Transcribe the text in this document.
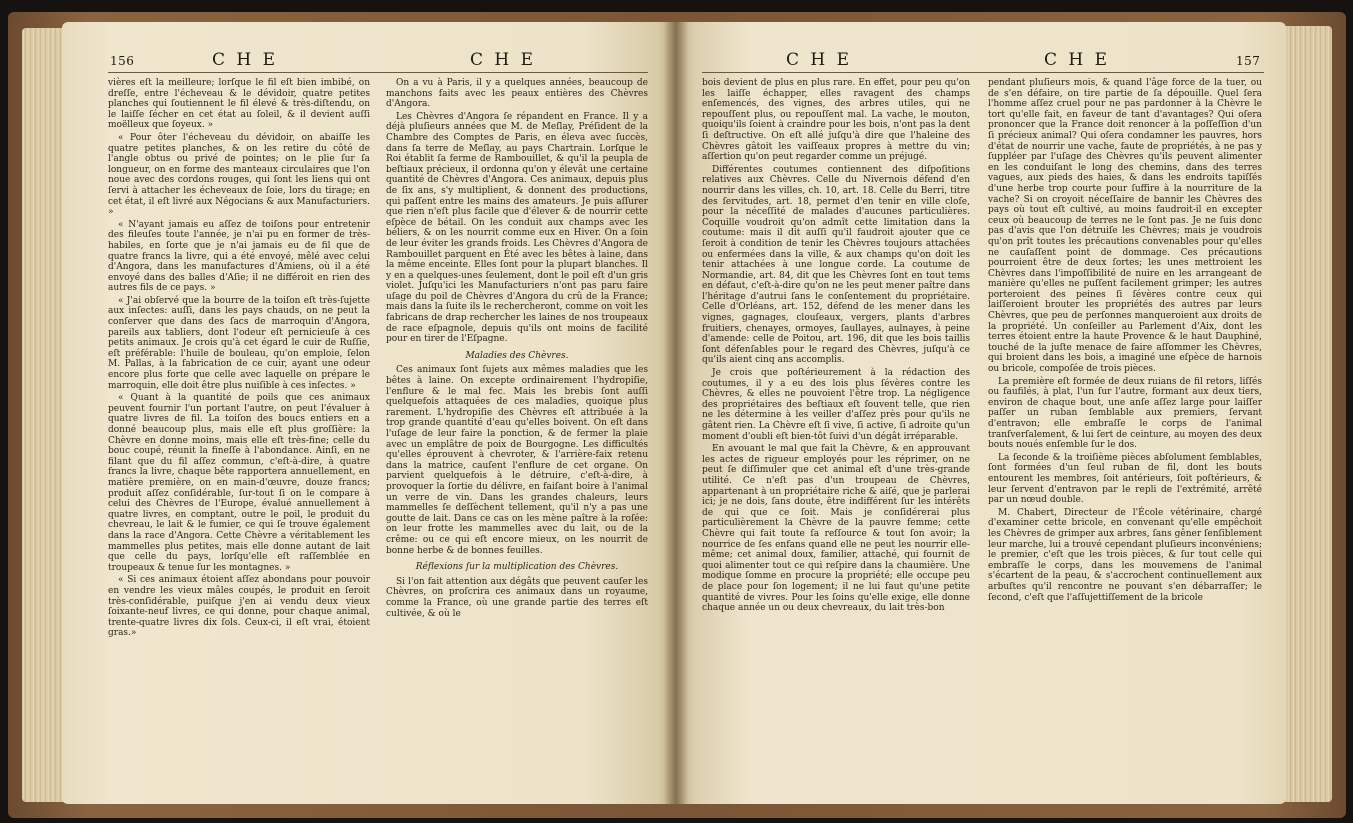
156	C H E	C H E

vières eſt la meilleure; lorſque le fil eſt bien imbibé, on dreſſe, entre l'écheveau & le dévidoir, quatre petites planches qui ſoutiennent le fil élevé & très-diſtendu, on le laiſſe ſécher en cet état au ſoleil, & il devient auſſi moëlleux que ſoyeux. »

« Pour ôter l'écheveau du dévidoir, on abaiſſe les quatre petites planches, & on les retire du côté de l'angle obtus ou privé de pointes; on le plie ſur ſa longueur, on en forme des manteaux circulaires que l'on noue avec des cordons rouges, qui ſont les liens qui ont ſervi à attacher les écheveaux de ſoie, lors du tirage; en cet état, il eſt livré aux Négocians & aux Manufacturiers. »

« N'ayant jamais eu aſſez de toiſons pour entretenir des fileuſes toute l'année, je n'ai pu en former de très-habiles, en ſorte que je n'ai jamais eu de fil que de quatre francs la livre, qui a été envoyé, mêlé avec celui d'Angora, dans les manufactures d'Amiens, où il a été envoyé dans des balles d'Aſie; il ne différoit en rien des autres fils de ce pays. »

« J'ai obſervé que la bourre de la toiſon eſt très-ſujette aux inſectes: auſſi, dans les pays chauds, on ne peut la conſerver que dans des ſacs de marroquin d'Angora, pareils aux tabliers, dont l'odeur eſt pernicieuſe à ces petits animaux. Je crois qu'à cet égard le cuir de Ruſſie, eſt préférable: l'huile de bouleau, qu'on emploie, ſelon M. Pallas, à la fabrication de ce cuir, ayant une odeur encore plus forte que celle avec laquelle on prépare le marroquin, elle doit être plus nuiſible à ces inſectes. »

« Quant à la quantité de poils que ces animaux peuvent fournir l'un portant l'autre, on peut l'évaluer à quatre livres de fil. La toiſon des boucs entiers en a donné beaucoup plus, mais elle eſt plus groſſière: la Chèvre en donne moins, mais elle eſt très-fine; celle du bouc coupé, réunit la fineſſe à l'abondance. Ainſi, en ne filant que du fil aſſez commun, c'eſt-à-dire, à quatre francs la livre, chaque bête rapportera annuellement, en matière première, on en main-d'œuvre, douze francs; produit aſſez conſidérable, ſur-tout ſi on le compare à celui des Chèvres de l'Europe, évalué annuellement à quatre livres, en comptant, outre le poil, le produit du chevreau, le lait & le fumier, ce qui ſe trouve également dans la race d'Angora. Cette Chèvre a véritablement les mammelles plus petites, mais elle donne autant de lait que celle du pays, lorſqu'elle eſt raſſemblée en troupeaux & tenue ſur les montagnes. »

« Si ces animaux étoient aſſez abondans pour pouvoir en vendre les vieux mâles coupés, le produit en ſeroit très-conſidérable, puiſque j'en ai vendu deux vieux ſoixante-neuf livres, ce qui donne, pour chaque animal, trente-quatre livres dix ſols. Ceux-ci, il eſt vrai, étoient gras.»

On a vu à Paris, il y a quelques années, beaucoup de manchons faits avec les peaux entières des Chèvres d'Angora.

Les Chèvres d'Angora ſe répandent en France. Il y a déjà pluſieurs années que M. de Meſlay, Préſident de la Chambre des Comptes de Paris, en éleva avec ſuccès, dans ſa terre de Meſlay, au pays Chartrain. Lorſque le Roi établit ſa ferme de Rambouillet, & qu'il la peupla de beſtiaux précieux, il ordonna qu'on y élevât une certaine quantité de Chèvres d'Angora. Ces animaux, depuis plus de ſix ans, s'y multiplient, & donnent des productions, qui paſſent entre les mains des amateurs. Je puis aſſurer que rien n'eſt plus facile que d'élever & de nourrir cette eſpèce de bétail. On les conduit aux champs avec les béliers, & on les nourrit comme eux en Hiver. On a ſoin de leur éviter les grands froids. Les Chèvres d'Angora de Rambouillet parquent en Été avec les bêtes à laine, dans la même enceinte. Elles ſont pour la plupart blanches. Il y en a quelques-unes ſeulement, dont le poil eſt d'un gris violet. Juſqu'ici les Manufacturiers n'ont pas paru faire uſage du poil de Chèvres d'Angora du crû de la France; mais dans la ſuite ils le rechercheront, comme on voit les fabricans de drap rechercher les laines de nos troupeaux de race eſpagnole, depuis qu'ils ont moins de facilité pour en tirer de l'Eſpagne.

Maladies des Chèvres.

Ces animaux ſont ſujets aux mêmes maladies que les bêtes à laine. On excepte ordinairement l'hydropiſie, l'enflure & le mal fec. Mais les brebis ſont auſſi quelquefois attaquées de ces maladies, quoique plus rarement. L'hydropiſie des Chèvres eſt attribuée à la trop grande quantité d'eau qu'elles boivent. On eſt dans l'uſage de leur faire la ponction, & de fermer la plaie avec un emplâtre de poix de Bourgogne. Les difficultés qu'elles éprouvent à chevroter, & l'arrière-faix retenu dans la matrice, cauſent l'enflure de cet organe. On parvient quelquefois à le détruire, c'eſt-à-dire, à provoquer la ſortie du délivre, en faiſant boire à l'animal un verre de vin. Dans les grandes chaleurs, leurs mammelles ſe deſſèchent tellement, qu'il n'y a pas une goutte de lait. Dans ce cas on les mène paître à la roſée: on leur frotte les mammelles avec du lait, ou de la crême: ou ce qui eſt encore mieux, on les nourrit de bonne herbe & de bonnes feuilles.

Réflexions ſur la multiplication des Chèvres.

Si l'on fait attention aux dégâts que peuvent cauſer les Chèvres, on proſcrira ces animaux dans un royaume, comme la France, où une grande partie des terres eſt cultivée, & où le

C H E	C H E	157

bois devient de plus en plus rare. En effet, pour peu qu'on les laiſſe échapper, elles ravagent des champs enſemencés, des vignes, des arbres utiles, qui ne repouſſent plus, ou repouſſent mal. La vache, le mouton, quoiqu'ils ſoient à craindre pour les bois, n'ont pas la dent ſi deſtructive. On eſt allé juſqu'à dire que l'haleine des Chèvres gâtoit les vaiſſeaux propres à mettre du vin; aſſertion qu'on peut regarder comme un préjugé.

Différentes coutumes contiennent des diſpoſitions relatives aux Chèvres. Celle du Nivernois défend d'en nourrir dans les villes, ch. 10, art. 18. Celle du Berri, titre des ſervitudes, art. 18, permet d'en tenir en ville cloſe, pour la néceſſité de malades d'aucunes particulières. Coquille voudroit qu'on admît cette limitation dans la coutume: mais il dit auſſi qu'il faudroit ajouter que ce ſeroit à condition de tenir les Chèvres toujours attachées ou enfermées dans la ville, & aux champs qu'on doit les tenir attachées à une longue corde. La coutume de Normandie, art. 84, dit que les Chèvres ſont en tout tems en défaut, c'eſt-à-dire qu'on ne les peut mener paître dans l'héritage d'autrui ſans le conſentement du propriétaire. Celle d'Orléans, art. 152, défend de les mener dans les vignes, gagnages, clouſeaux, vergers, plants d'arbres fruitiers, chenayes, ormoyes, ſaullayes, aulnayes, à peine d'amende: celle de Poitou, art. 196, dit que les bois taillis ſont défenſables pour le regard des Chèvres, juſqu'à ce qu'ils aient cinq ans accomplis.

Je crois que poſtérieurement à la rédaction des coutumes, il y a eu des lois plus ſévères contre les Chèvres, & elles ne pouvoient l'être trop. La négligence des propriétaires des beſtiaux eſt ſouvent telle, que rien ne les détermine à les veiller d'aſſez près pour qu'ils ne gâtent rien. La Chèvre eſt ſi vive, ſi active, ſi adroite qu'un moment d'oubli eſt bien-tôt ſuivi d'un dégât irréparable.

En avouant le mal que fait la Chèvre, & en approuvant les actes de rigueur employés pour les réprimer, on ne peut ſe diſſimuler que cet animal eſt d'une très-grande utilité. Ce n'eſt pas d'un troupeau de Chèvres, appartenant à un propriétaire riche & aiſé, que je parlerai ici; je ne dois, ſans doute, être indifférent ſur les intérêts de qui que ce ſoit. Mais je conſidérerai plus particulièrement la Chèvre de la pauvre femme; cette Chèvre qui fait toute ſa reſſource & tout ſon avoir; la nourrice de ſes enfans quand elle ne peut les nourrir elle-même; cet animal doux, familier, attaché, qui fournit de quoi alimenter tout ce qui reſpire dans la chaumière. Une modique ſomme en procure la propriété; elle occupe peu de place pour ſon logement; il ne lui faut qu'une petite quantité de vivres. Pour les ſoins qu'elle exige, elle donne chaque année un ou deux chevreaux, du lait très-bon

pendant pluſieurs mois, & quand l'âge force de la tuer, ou de s'en défaire, on tire partie de ſa dépouille. Quel ſera l'homme aſſez cruel pour ne pas pardonner à la Chèvre le tort qu'elle fait, en faveur de tant d'avantages? Qui oſera prononcer que la France doit renoncer à la poſſeſſion d'un ſi précieux animal? Qui oſera condamner les pauvres, hors d'état de nourrir une vache, faute de propriétés, à ne pas y ſuppléer par l'uſage des Chèvres qu'ils peuvent alimenter en les conduiſant le long des chemins, dans des terres vagues, aux pieds des haies, & dans les endroits tapiſſés d'une herbe trop courte pour ſuffire à la nourriture de la vache? Si on croyoit néceſſaire de bannir les Chèvres des pays où tout eſt cultivé, au moins faudroit-il en excepter ceux où beaucoup de terres ne le ſont pas. Je ne ſuis donc pas d'avis que l'on détruiſe les Chèvres; mais je voudrois qu'on prît toutes les précautions convenables pour qu'elles ne cauſaſſent point de dommage. Ces précautions pourroient être de deux ſortes; les unes mettroient les Chèvres dans l'impoſſibilité de nuire en les arrangeant de manière qu'elles ne puſſent facilement grimper; les autres porteroient des peines ſi ſévères contre ceux qui laiſſeroient brouter les propriétés des autres par leurs Chèvres, que peu de perſonnes manqueroient aux droits de la propriété. Un conſeiller au Parlement d'Aix, dont les terres étoient entre la haute Provence & le haut Dauphiné, touché de la juſte menace de faire aſſommer les Chèvres, qui broient dans les bois, a imaginé une eſpèce de harnois ou bricole, compoſée de trois pièces.

La première eſt formée de deux ruians de fil retors, liſſés ou faufilés, à plat, l'un ſur l'autre, formant aux deux tiers, environ de chaque bout, une anſe aſſez large pour laiſſer paſſer un ruban ſemblable aux premiers, ſervant d'entravon; elle embraſſe le corps de l'animal tranſverſalement, & lui ſert de ceinture, au moyen des deux bouts noués enſemble ſur le dos.

La ſeconde & la troiſième pièces abſolument ſemblables, ſont formées d'un ſeul ruban de fil, dont les bouts entourent les membres, ſoit antérieurs, ſoit poſtérieurs, & leur ſervent d'entravon par le repli de l'extrémité, arrêté par un nœud double.

M. Chabert, Directeur de l'École vétérinaire, chargé d'examiner cette bricole, en convenant qu'elle empêchoit les Chèvres de grimper aux arbres, ſans gêner ſenſiblement leur marche, lui a trouvé cependant pluſieurs inconvéniens; le premier, c'eſt que les trois pièces, & ſur tout celle qui embraſſe le corps, dans les mouvemens de l'animal s'écartent de la peau, & s'accrochent continuellement aux arbuſtes qu'il rencontre ne pouvant s'en débarraſſer; le ſecond, c'eſt que l'aſſujettiſſement de la bricole
